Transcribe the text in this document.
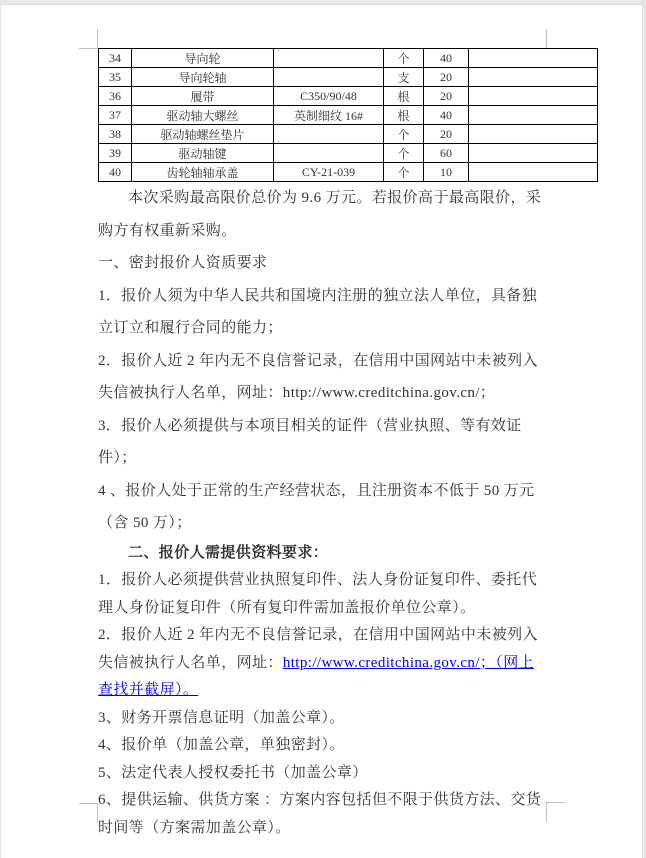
34	导向轮		个	40	
35	导向轮轴		支	20	
36	履带	C350/90/48	根	20	
37	驱动轴大螺丝	英制细纹 16#	根	40	
38	驱动轴螺丝垫片		个	20	
39	驱动轴键		个	60	
40	齿轮轴轴承盖	CY-21-039	个	10	

本次采购最高限价总价为 9.6 万元。若报价高于最高限价，采购方有权重新采购。

一、密封报价人资质要求

1．报价人须为中华人民共和国境内注册的独立法人单位，具备独立订立和履行合同的能力；

2．报价人近 2 年内无不良信誉记录，在信用中国网站中未被列入失信被执行人名单，网址：http://www.creditchina.gov.cn/；

3．报价人必须提供与本项目相关的证件（营业执照、等有效证件）；

4 、报价人处于正常的生产经营状态，且注册资本不低于 50 万元（含 50 万）；

二、报价人需提供资料要求：

1．报价人必须提供营业执照复印件、法人身份证复印件、委托代理人身份证复印件（所有复印件需加盖报价单位公章）。

2．报价人近 2 年内无不良信誉记录，在信用中国网站中未被列入失信被执行人名单，网址：http://www.creditchina.gov.cn/；（网上查找并截屏）。

3、财务开票信息证明（加盖公章）。

4、报价单（加盖公章，单独密封）。

5、法定代表人授权委托书（加盖公章）

6、提供运输、供货方案 ：方案内容包括但不限于供货方法、交货时间等（方案需加盖公章）。
